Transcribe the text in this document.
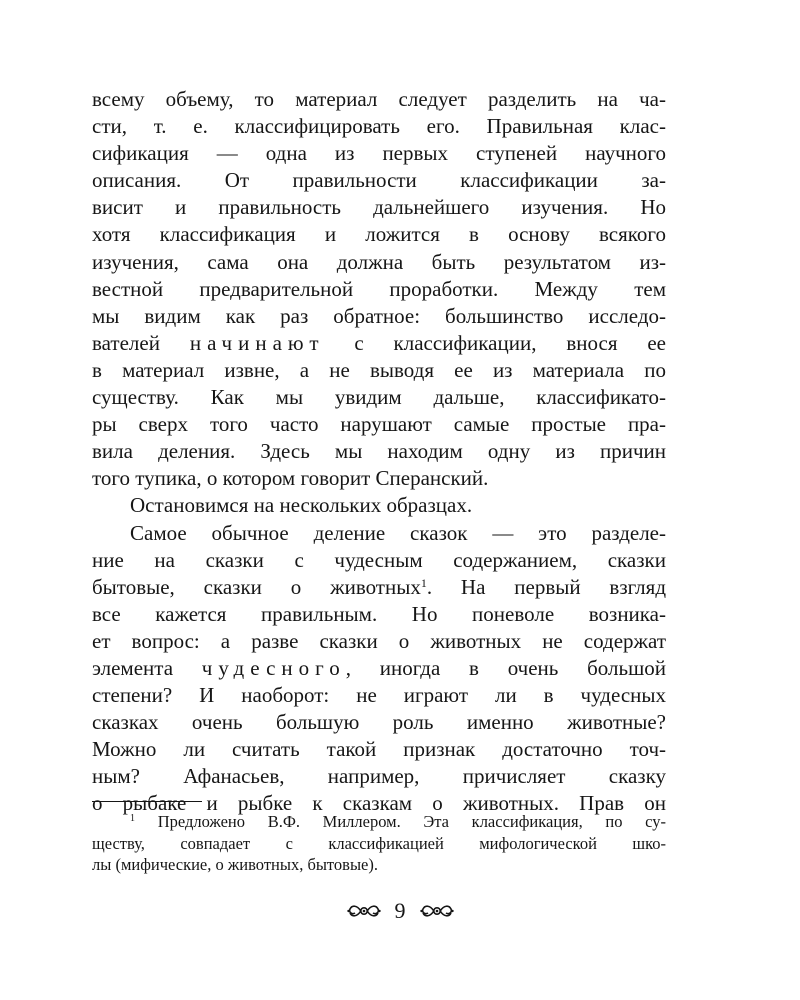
всему объему, то материал следует разделить на ча-
сти, т. е. классифицировать его. Правильная клас-
сификация — одна из первых ступеней научного
описания. От правильности классификации за-
висит и правильность дальнейшего изучения. Но
хотя классификация и ложится в основу всякого
изучения, сама она должна быть результатом из-
вестной предварительной проработки. Между тем
мы видим как раз обратное: большинство исследо-
вателей начинают с классификации, внося ее
в материал извне, а не выводя ее из материала по
существу. Как мы увидим дальше, классификато-
ры сверх того часто нарушают самые простые пра-
вила деления. Здесь мы находим одну из причин
того тупика, о котором говорит Сперанский.
Остановимся на нескольких образцах.
Самое обычное деление сказок — это разделе-
ние на сказки с чудесным содержанием, сказки
бытовые, сказки о животных$^1$. На первый взгляд
все кажется правильным. Но поневоле возника-
ет вопрос: а разве сказки о животных не содержат
элемента чудесного, иногда в очень большой
степени? И наоборот: не играют ли в чудесных
сказках очень большую роль именно животные?
Можно ли считать такой признак достаточно точ-
ным? Афанасьев, например, причисляет сказку
о рыбаке и рыбке к сказкам о животных. Прав он
$^1$ Предложено В.Ф. Миллером. Эта классификация, по су-
ществу, совпадает с классификацией мифологической шко-
лы (мифические, о животных, бытовые).
9
